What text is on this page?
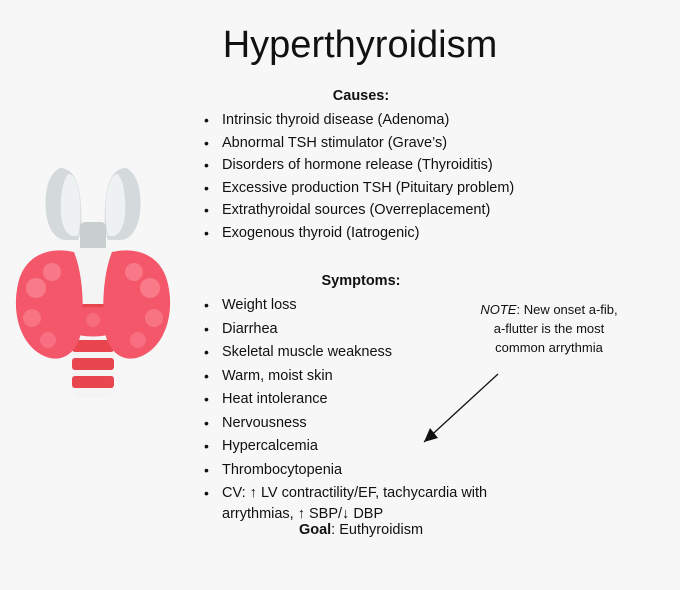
Hyperthyroidism
Causes:
• Intrinsic thyroid disease (Adenoma)
• Abnormal TSH stimulator (Grave’s)
• Disorders of hormone release (Thyroiditis)
• Excessive production TSH (Pituitary problem)
• Extrathyroidal sources (Overreplacement)
• Exogenous thyroid (Iatrogenic)
Symptoms:
• Weight loss
• Diarrhea
• Skeletal muscle weakness
• Warm, moist skin
• Heat intolerance
• Nervousness
• Hypercalcemia
• Thrombocytopenia
• CV: ↑ LV contractility/EF, tachycardia with
arrythmias, ↑ SBP/↓ DBP
NOTE: New onset a-fib, a-flutter is the most common arrythmia
Goal: Euthyroidism
